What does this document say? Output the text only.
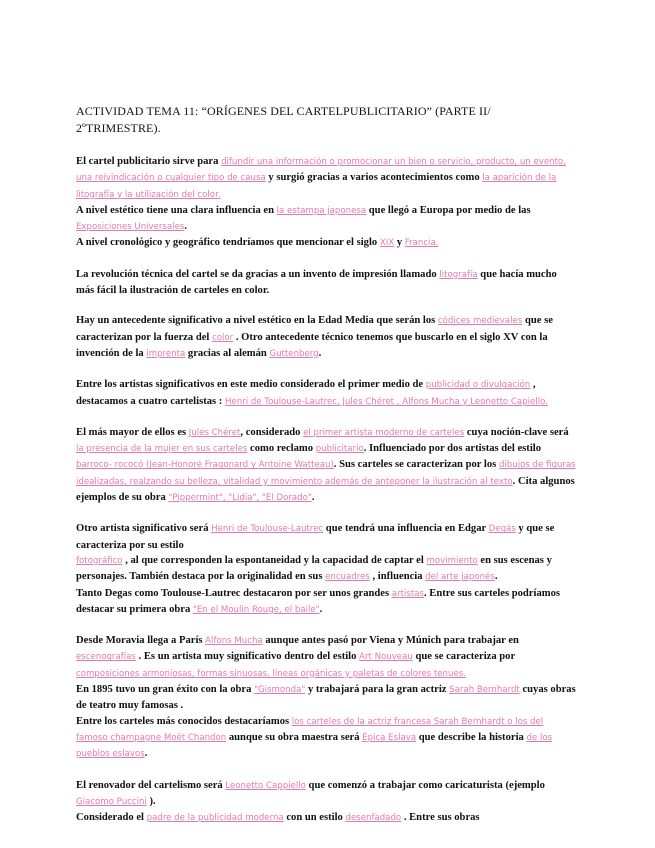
ACTIVIDAD TEMA 11: “ORÍGENES DEL CARTELPUBLICITARIO” (PARTE II/ 2ºTRIMESTRE).

El cartel publicitario sirve para difundir una información o promocionar un bien o servicio, producto, un evento, una reivindicación o cualquier tipo de causa y surgió gracias a varios acontecimientos como la aparición de la litografía y la utilización del color.
A nivel estético tiene una clara influencia en la estampa japonesa que llegó a Europa por medio de las Exposiciones Universales.
A nivel cronológico y geográfico tendríamos que mencionar el siglo XIX y Francia.

La revolución técnica del cartel se da gracias a un invento de impresión llamado litografía que hacía mucho más fácil la ilustración de carteles en color.

Hay un antecedente significativo a nivel estético en la Edad Media que serán los códices medievales que se caracterizan por la fuerza del color . Otro antecedente técnico tenemos que buscarlo en el siglo XV con la invención de la imprenta gracias al alemán Guttenberg.

Entre los artistas significativos en este medio considerado el primer medio de publicidad o divulgación , destacamos a cuatro cartelistas : Henri de Toulouse-Lautrec, Jules Chéret , Alfons Mucha y Leonetto Capiello.

El más mayor de ellos es Jules Chéret, considerado el primer artista moderno de carteles cuya noción-clave será la presencia de la mujer en sus carteles como reclamo publicitario. Influenciado por dos artistas del estilo barroco- rococó (Jean-Honoré Fragonard y Antoine Watteau). Sus carteles se caracterizan por los dibujos de figuras idealizadas, realzando su belleza, vitalidad y movimiento además de anteponer la ilustración al texto. Cita algunos ejemplos de su obra "Pippermint", "Lidia", "El Dorado".

Otro artista significativo será Henri de Toulouse-Lautrec que tendrá una influencia en Edgar Degás y que se caracteriza por su estilo
fotográfico , al que corresponden la espontaneidad y la capacidad de captar el movimiento en sus escenas y personajes. También destaca por la originalidad en sus encuadres , influencia del arte japonés.
Tanto Degas como Toulouse-Lautrec destacaron por ser unos grandes artistas. Entre sus carteles podríamos destacar su primera obra "En el Moulin Rouge, el baile".

Desde Moravia llega a París Alfons Mucha aunque antes pasó por Viena y Múnich para trabajar en escenografías . Es un artista muy significativo dentro del estilo Art Nouveau que se caracteriza por composiciones armoniosas, formas sinuosas, líneas orgánicas y paletas de colores tenues.
En 1895 tuvo un gran éxito con la obra "Gismonda" y trabajará para la gran actriz Sarah Bernhardt cuyas obras de teatro muy famosas .
Entre los carteles más conocidos destacaríamos los carteles de la actriz francesa Sarah Bernhardt o los del famoso champagne Moët Chandon aunque su obra maestra será Épica Eslava que describe la historia de los pueblos eslavos.

El renovador del cartelismo será Leonetto Cappiello que comenzó a trabajar como caricaturista (ejemplo Giacomo Puccini ).
Considerado el padre de la publicidad moderna con un estilo desenfadado . Entre sus obras
